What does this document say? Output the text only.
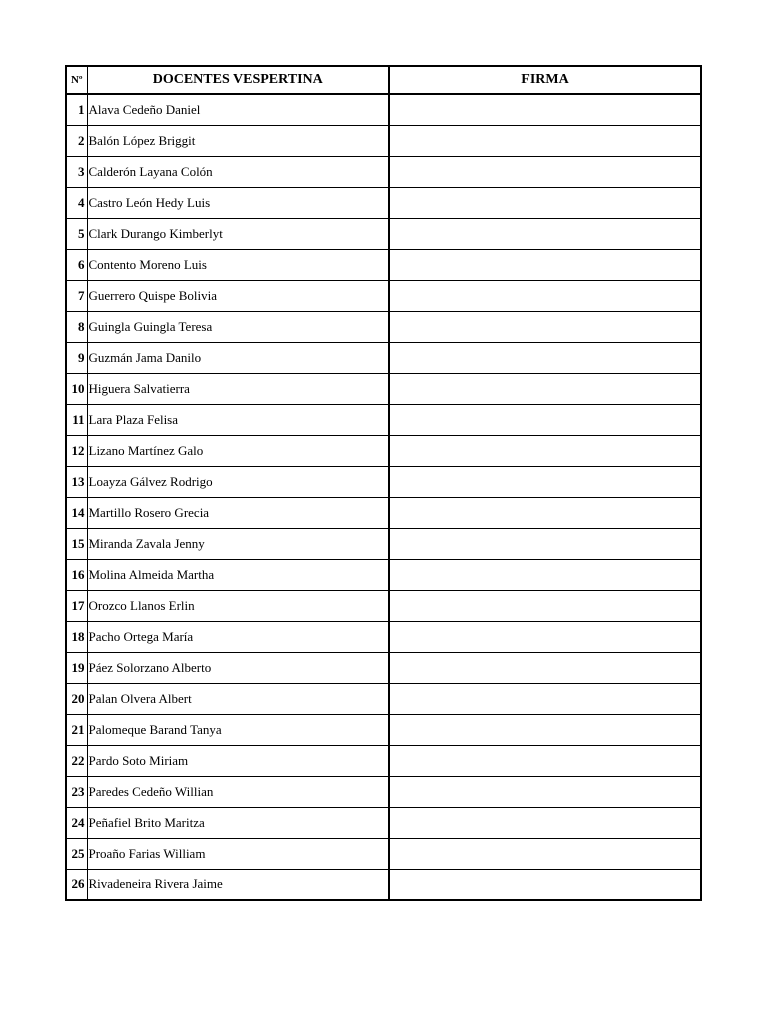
Nº	DOCENTES VESPERTINA	FIRMA
1	Alava Cedeño Daniel	
2	Balón López Briggit	
3	Calderón Layana Colón	
4	Castro León Hedy Luis	
5	Clark Durango Kimberlyt	
6	Contento Moreno Luis	
7	Guerrero Quispe Bolivia	
8	Guingla Guingla Teresa	
9	Guzmán Jama Danilo	
10	Higuera Salvatierra	
11	Lara Plaza Felisa	
12	Lizano Martínez Galo	
13	Loayza Gálvez Rodrigo	
14	Martillo Rosero Grecia	
15	Miranda Zavala Jenny	
16	Molina Almeida Martha	
17	Orozco Llanos Erlin	
18	Pacho Ortega María	
19	Páez Solorzano Alberto	
20	Palan Olvera Albert	
21	Palomeque Barand Tanya	
22	Pardo Soto Miriam	
23	Paredes Cedeño Willian	
24	Peñafiel Brito Maritza	
25	Proaño Farias William	
26	Rivadeneira Rivera Jaime	
